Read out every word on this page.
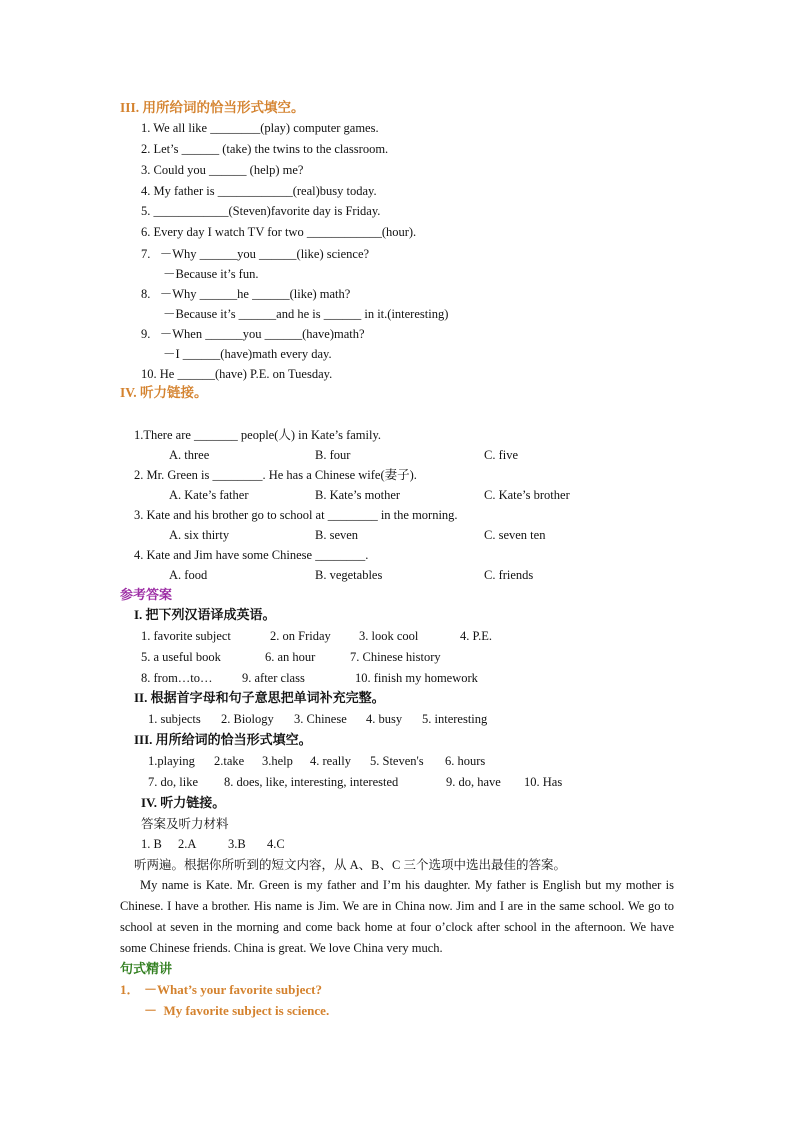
III. 用所给词的恰当形式填空。
1. We all like ________(play) computer games.
2. Let’s ______ (take) the twins to the classroom.
3. Could you ______ (help) me?
4. My father is ____________(real)busy today.
5. ____________(Steven)favorite day is Friday.
6. Every day I watch TV for two ____________(hour).
7.   －Why ______you ______(like) science?
－Because it’s fun.
8.   －Why ______he ______(like) math?
－Because it’s ______and he is ______ in it.(interesting)
9.   －When ______you ______(have)math?
－I ______(have)math every day.
10. He ______(have) P.E. on Tuesday.
IV. 听力链接。
1.There are _______ people(人) in Kate’s family.
A. three	B. four	C. five
2. Mr. Green is ________. He has a Chinese wife(妻子).
A. Kate’s father	B. Kate’s mother	C. Kate’s brother
3. Kate and his brother go to school at ________ in the morning.
A. six thirty	B. seven	C. seven ten
4. Kate and Jim have some Chinese ________.
A. food	B. vegetables	C. friends
参考答案
I. 把下列汉语译成英语。
1. favorite subject	2. on Friday 3. look cool	4. P.E.
5. a useful book	6. an hour	7. Chinese history
8. from…to… 9. after class	10. finish my homework
II. 根据首字母和句子意思把单词补充完整。
1. subjects 2. Biology 3. Chinese 4. busy 5. interesting
III. 用所给词的恰当形式填空。
1.playing 2.take 3.help 4. really 5. Steven's 6. hours
7. do, like 8. does, like, interesting, interested	9. do, have 10. Has
IV. 听力链接。
答案及听力材料
1. B 2.A	3.B 4.C
听两遍。根据你所听到的短文内容，从 A、B、C 三个选项中选出最佳的答案。
My name is Kate. Mr. Green is my father and I’m his daughter. My father is English but my mother is Chinese. I have a brother. His name is Jim. We are in China now. Jim and I are in the same school. We go to school at seven in the morning and come back home at four o’clock after school in the afternoon. We have some Chinese friends. China is great. We love China very much.
句式精讲
1． －What’s your favorite subject?
－  My favorite subject is science.
